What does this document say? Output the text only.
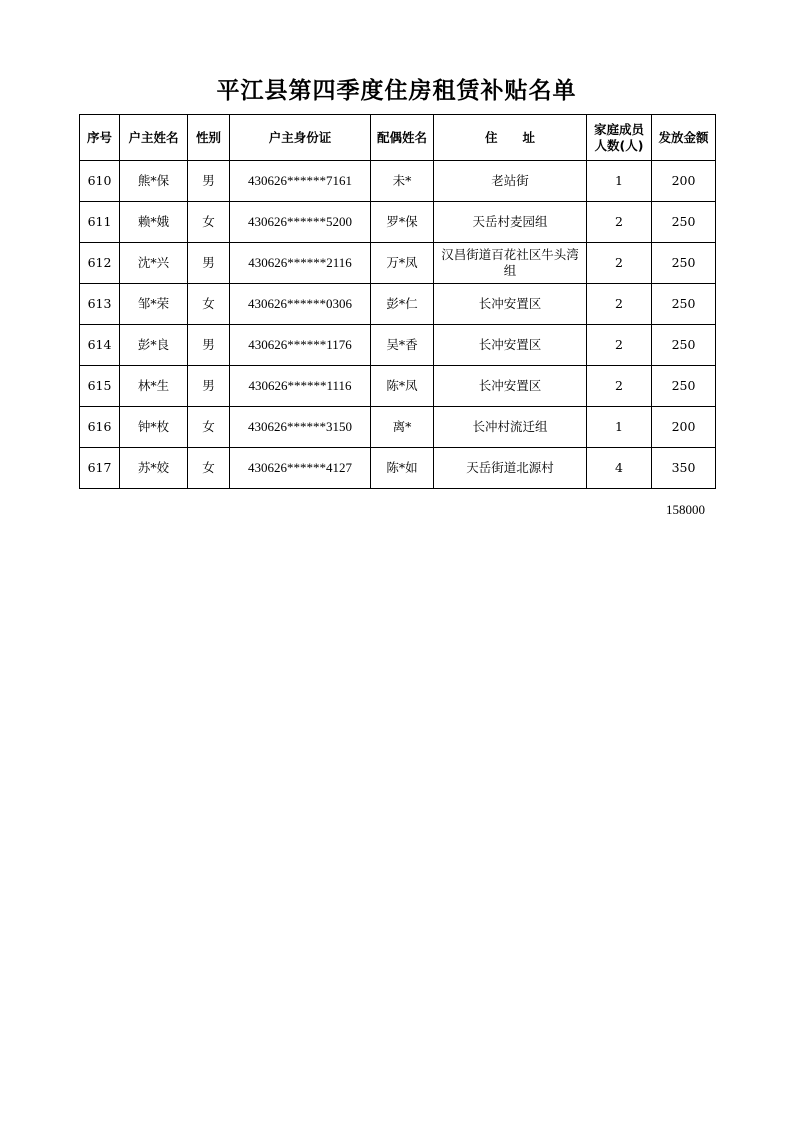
平江县第四季度住房租赁补贴名单
序号	户主姓名	性别	户主身份证	配偶姓名	住　　址	家庭成员人数(人)	发放金额
610	熊*保	男	430626******7161	未*	老站街	1	200
611	赖*娥	女	430626******5200	罗*保	天岳村麦园组	2	250
612	沈*兴	男	430626******2116	万*凤	汉昌街道百花社区牛头湾组	2	250
613	邹*荣	女	430626******0306	彭*仁	长冲安置区	2	250
614	彭*良	男	430626******1176	吴*香	长冲安置区	2	250
615	林*生	男	430626******1116	陈*凤	长冲安置区	2	250
616	钟*枚	女	430626******3150	离*	长冲村流迁组	1	200
617	苏*姣	女	430626******4127	陈*如	天岳街道北源村	4	350
158000
